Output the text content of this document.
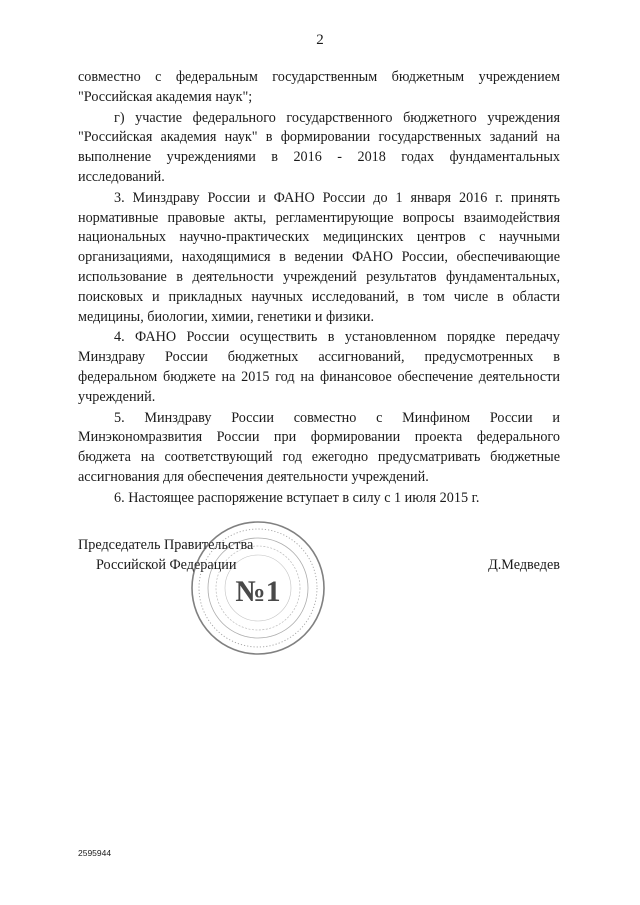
2

совместно с федеральным государственным бюджетным учреждением "Российская академия наук";

г) участие федерального государственного бюджетного учреждения "Российская академия наук" в формировании государственных заданий на выполнение учреждениями в 2016 - 2018 годах фундаментальных исследований.

3. Минздраву России и ФАНО России до 1 января 2016 г. принять нормативные правовые акты, регламентирующие вопросы взаимодействия национальных научно-практических медицинских центров с научными организациями, находящимися в ведении ФАНО России, обеспечивающие использование в деятельности учреждений результатов фундаментальных, поисковых и прикладных научных исследований, в том числе в области медицины, биологии, химии, генетики и физики.

4. ФАНО России осуществить в установленном порядке передачу Минздраву России бюджетных ассигнований, предусмотренных в федеральном бюджете на 2015 год на финансовое обеспечение деятельности учреждений.

5. Минздраву России совместно с Минфином России и Минэкономразвития России при формировании проекта федерального бюджета на соответствующий год ежегодно предусматривать бюджетные ассигнования для обеспечения деятельности учреждений.

6. Настоящее распоряжение вступает в силу с 1 июля 2015 г.

Председатель Правительства
Российской Федерации	Д.Медведев
№1
2595944
